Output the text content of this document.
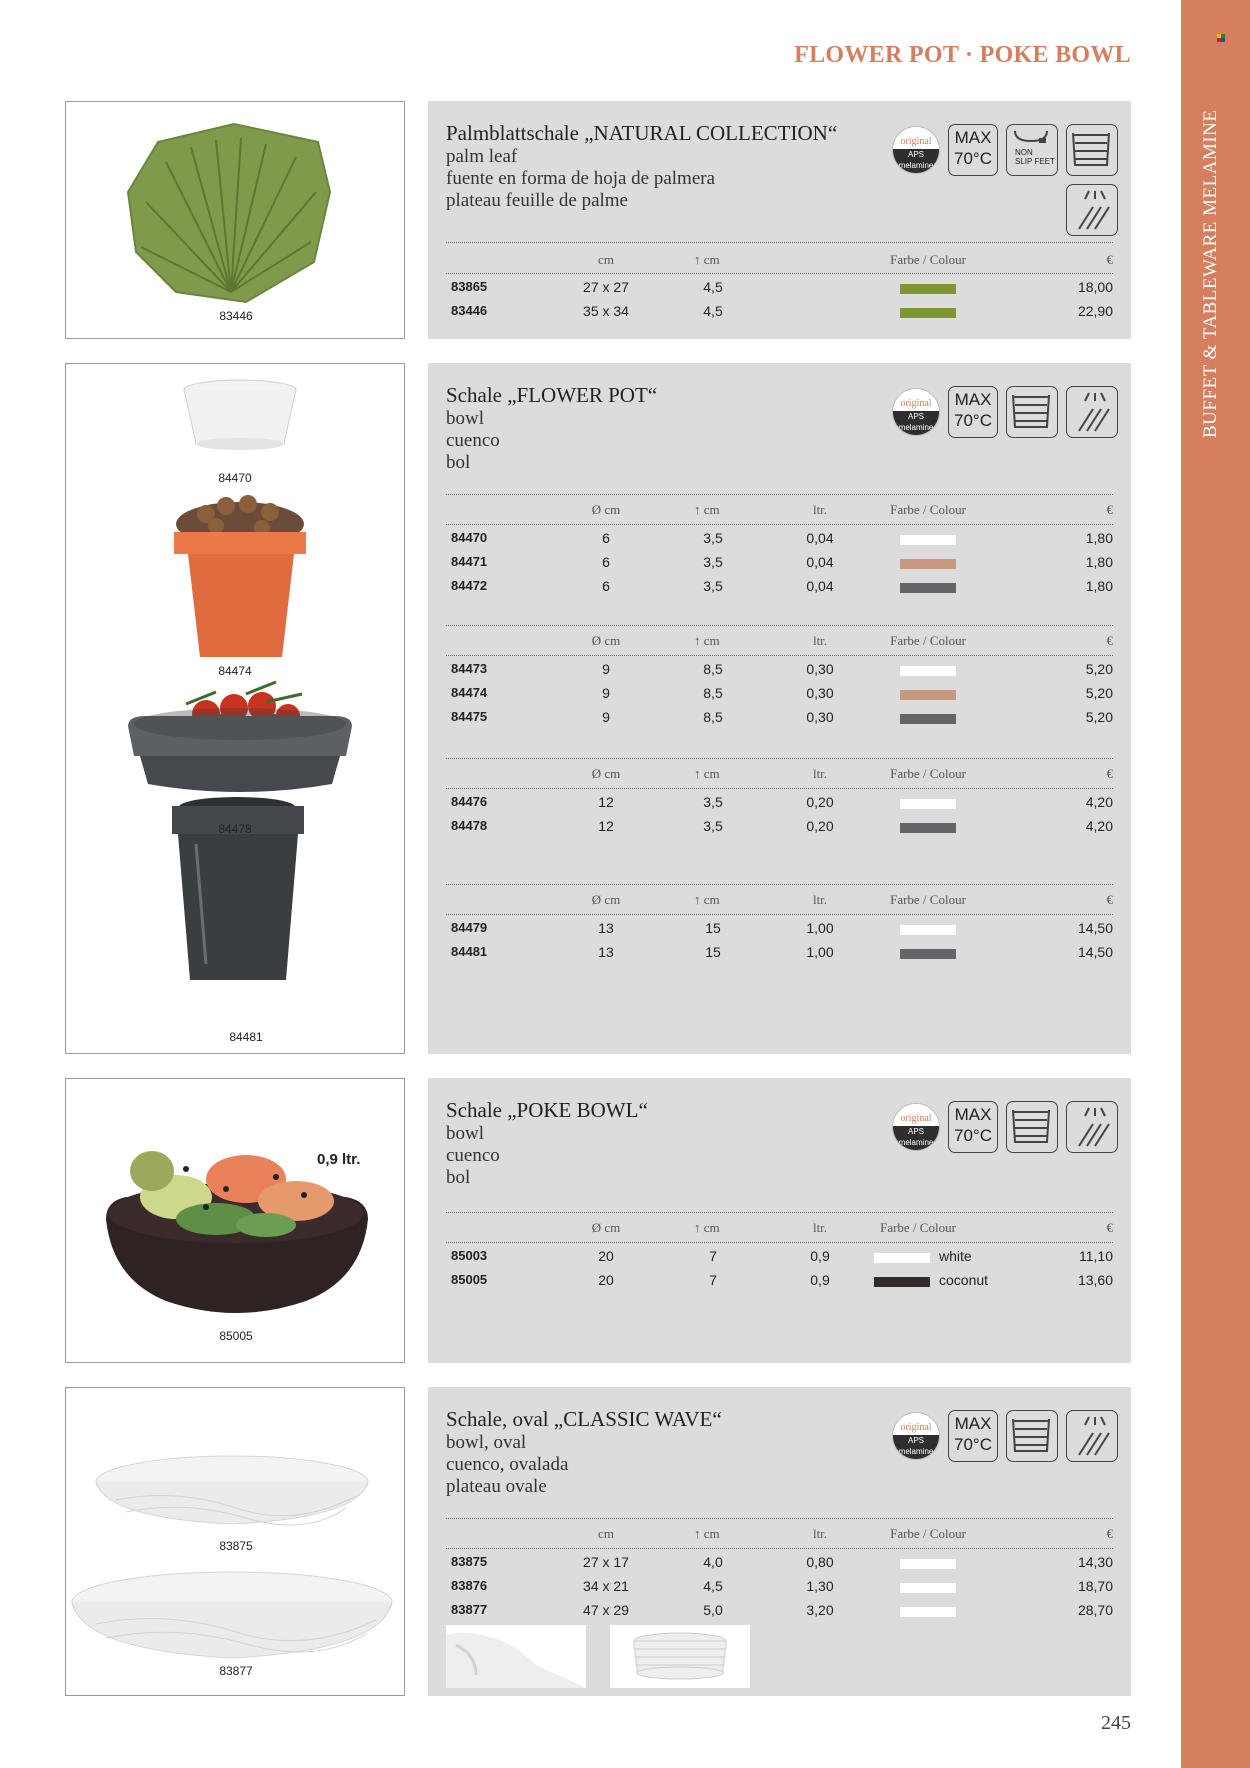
BUFFET & TABLEWARE MELAMINE
FLOWER POT · POKE BOWL
245
83446
Palmblattschale „NATURAL COLLECTION“
palm leaf
fuente en forma de hoja de palmera
plateau feuille de palme
original
APS
melamine
MAX
70°C	NON
SLIP FEET
cm	↑ cm	Farbe / Colour	€
83865	27 x 27	4,5	18,00
83446	35 x 34	4,5	22,90
84470
84474
84478
84481
Schale „FLOWER POT“
bowl
cuenco
bol
original
APS
melamine
MAX
70°C
Ø cm	↑ cm	ltr.	Farbe / Colour	€
84470	6	3,5	0,04	1,80
84471	6	3,5	0,04	1,80
84472	6	3,5	0,04	1,80
Ø cm	↑ cm	ltr.	Farbe / Colour	€
84473	9	8,5	0,30	5,20
84474	9	8,5	0,30	5,20
84475	9	8,5	0,30	5,20
Ø cm	↑ cm	ltr.	Farbe / Colour	€
84476	12	3,5	0,20	4,20
84478	12	3,5	0,20	4,20
Ø cm	↑ cm	ltr.	Farbe / Colour	€
84479	13	15	1,00	14,50
84481	13	15	1,00	14,50
0,9 ltr.
85005
Schale „POKE BOWL“
bowl
cuenco
bol
original
APS
melamine
MAX
70°C
Ø cm	↑ cm	ltr.	Farbe / Colour	€
85003	20	7	0,9	white	11,10
85005	20	7	0,9	coconut	13,60
83875
83877
Schale, oval „CLASSIC WAVE“
bowl, oval
cuenco, ovalada
plateau ovale
original
APS
melamine
MAX
70°C
cm	↑ cm	ltr.	Farbe / Colour	€
83875	27 x 17	4,0	0,80	14,30
83876	34 x 21	4,5	1,30	18,70
83877	47 x 29	5,0	3,20	28,70
